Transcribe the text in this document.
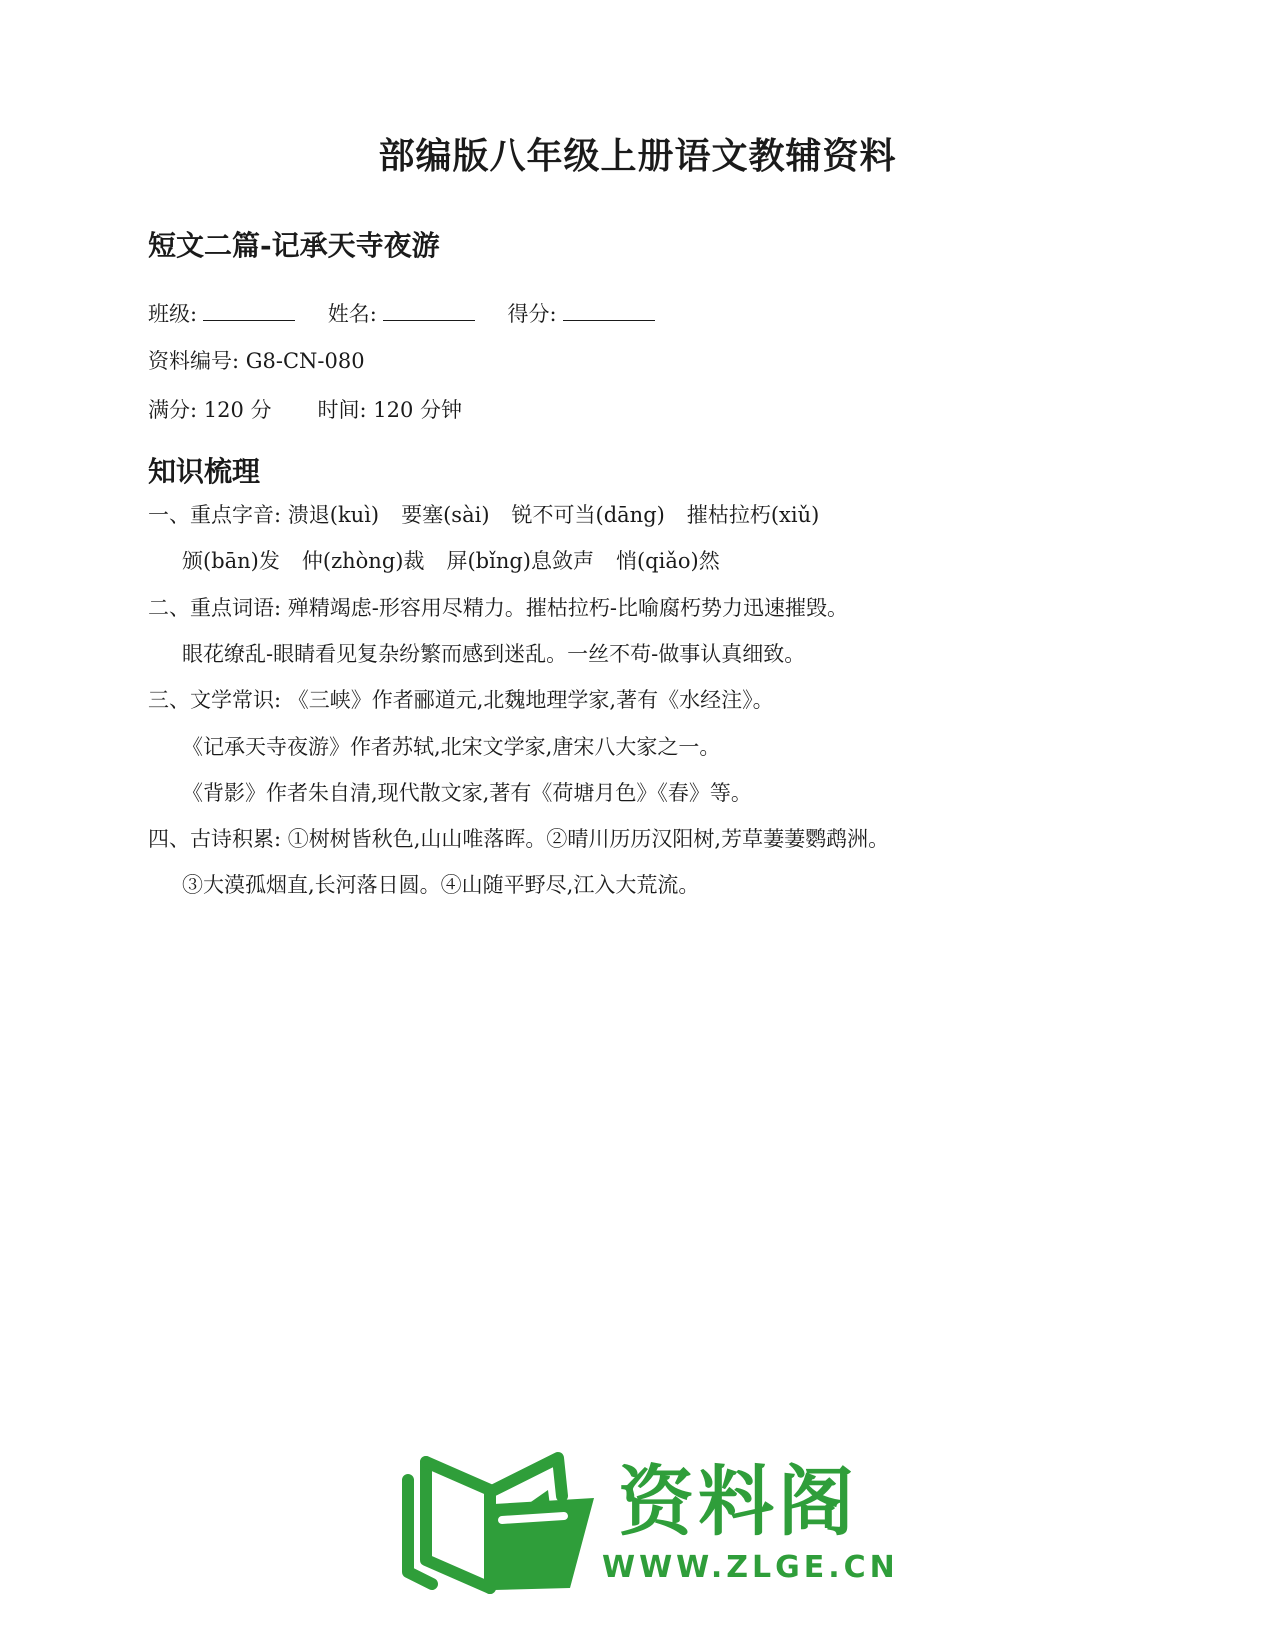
部编版八年级上册语文教辅资料
短文二篇-记承天寺夜游

班级:	姓名:	得分:

资料编号: G8-CN-080

满分: 120 分 时间: 120 分钟

知识梳理

一、重点字音: 溃退(kuì) 要塞(sài) 锐不可当(dāng) 摧枯拉朽(xiǔ)

颁(bān)发 仲(zhòng)裁 屏(bǐng)息敛声 悄(qiǎo)然

二、重点词语: 殚精竭虑-形容用尽精力。摧枯拉朽-比喻腐朽势力迅速摧毁。

眼花缭乱-眼睛看见复杂纷繁而感到迷乱。一丝不苟-做事认真细致。

三、文学常识: 《三峡》作者郦道元,北魏地理学家,著有《水经注》。

《记承天寺夜游》作者苏轼,北宋文学家,唐宋八大家之一。

《背影》作者朱自清,现代散文家,著有《荷塘月色》《春》等。

四、古诗积累: ①树树皆秋色,山山唯落晖。②晴川历历汉阳树,芳草萋萋鹦鹉洲。

③大漠孤烟直,长河落日圆。④山随平野尽,江入大荒流。

资料阁
WWW.ZLGE.CN
